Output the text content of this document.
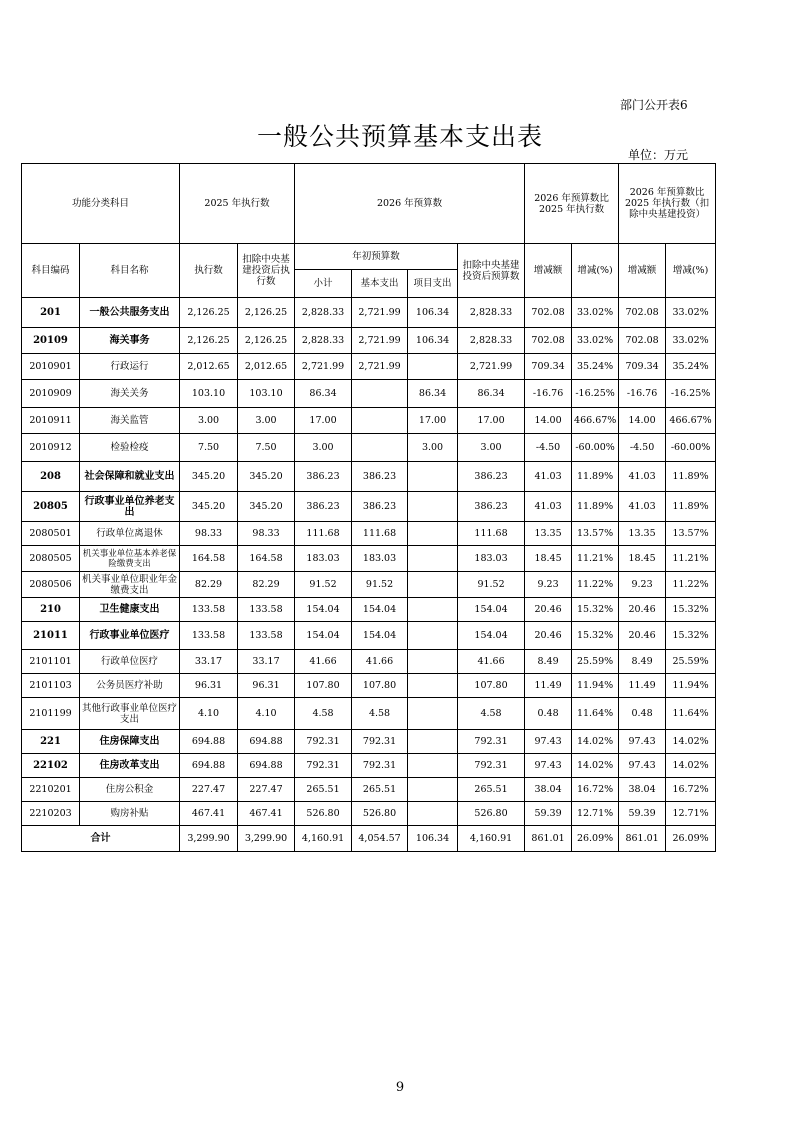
部门公开表6
一般公共预算基本支出表
单位：万元
功能分类科目		2025 年执行数		2026 年预算数				2026 年预算数比 2025 年执行数		2026 年预算数比 2025 年执行数（扣除中央基建投资）	
科目编码	科目名称	执行数	扣除中央基建投资后执行数	年初预算数			扣除中央基建投资后预算数	增减额	增减(%)	增减额	增减(%)
				小计	基本支出	项目支出					
201	一般公共服务支出	2,126.25	2,126.25	2,828.33	2,721.99	106.34	2,828.33	702.08	33.02%	702.08	33.02%
20109	海关事务	2,126.25	2,126.25	2,828.33	2,721.99	106.34	2,828.33	702.08	33.02%	702.08	33.02%
2010901	行政运行	2,012.65	2,012.65	2,721.99	2,721.99		2,721.99	709.34	35.24%	709.34	35.24%
2010909	海关关务	103.10	103.10	86.34		86.34	86.34	-16.76	-16.25%	-16.76	-16.25%
2010911	海关监管	3.00	3.00	17.00		17.00	17.00	14.00	466.67%	14.00	466.67%
2010912	检验检疫	7.50	7.50	3.00		3.00	3.00	-4.50	-60.00%	-4.50	-60.00%
208	社会保障和就业支出	345.20	345.20	386.23	386.23		386.23	41.03	11.89%	41.03	11.89%
20805	行政事业单位养老支出	345.20	345.20	386.23	386.23		386.23	41.03	11.89%	41.03	11.89%
2080501	行政单位离退休	98.33	98.33	111.68	111.68		111.68	13.35	13.57%	13.35	13.57%
2080505	机关事业单位基本养老保险缴费支出	164.58	164.58	183.03	183.03		183.03	18.45	11.21%	18.45	11.21%
2080506	机关事业单位职业年金缴费支出	82.29	82.29	91.52	91.52		91.52	9.23	11.22%	9.23	11.22%
210	卫生健康支出	133.58	133.58	154.04	154.04		154.04	20.46	15.32%	20.46	15.32%
21011	行政事业单位医疗	133.58	133.58	154.04	154.04		154.04	20.46	15.32%	20.46	15.32%
2101101	行政单位医疗	33.17	33.17	41.66	41.66		41.66	8.49	25.59%	8.49	25.59%
2101103	公务员医疗补助	96.31	96.31	107.80	107.80		107.80	11.49	11.94%	11.49	11.94%
2101199	其他行政事业单位医疗支出	4.10	4.10	4.58	4.58		4.58	0.48	11.64%	0.48	11.64%
221	住房保障支出	694.88	694.88	792.31	792.31		792.31	97.43	14.02%	97.43	14.02%
22102	住房改革支出	694.88	694.88	792.31	792.31		792.31	97.43	14.02%	97.43	14.02%
2210201	住房公积金	227.47	227.47	265.51	265.51		265.51	38.04	16.72%	38.04	16.72%
2210203	购房补贴	467.41	467.41	526.80	526.80		526.80	59.39	12.71%	59.39	12.71%
合计		3,299.90	3,299.90	4,160.91	4,054.57	106.34	4,160.91	861.01	26.09%	861.01	26.09%
9
